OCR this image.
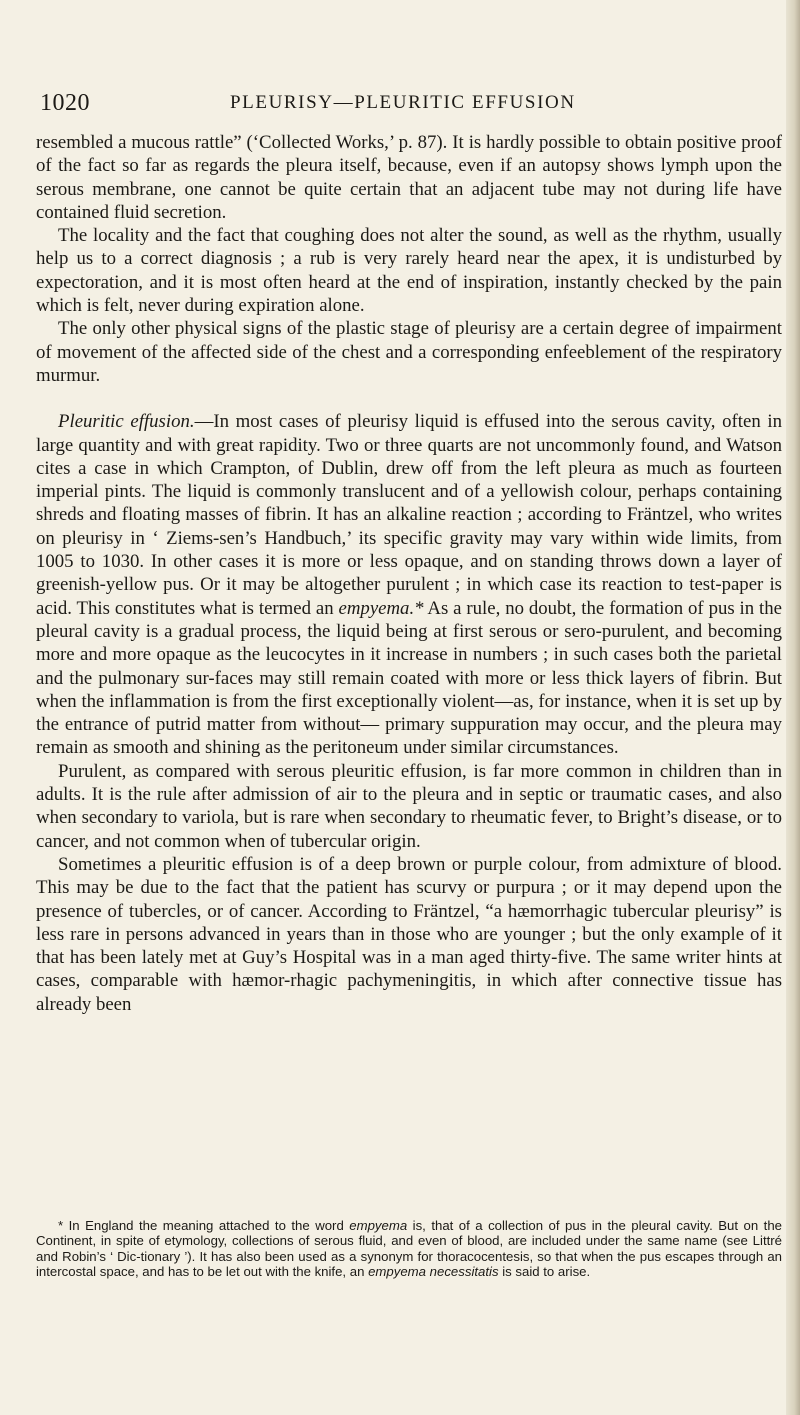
1020	PLEURISY—PLEURITIC EFFUSION

resembled a mucous rattle” (‘Collected Works,’ p. 87). It is hardly possible to obtain positive proof of the fact so far as regards the pleura itself, because, even if an autopsy shows lymph upon the serous membrane, one cannot be quite certain that an adjacent tube may not during life have contained fluid secretion.

The locality and the fact that coughing does not alter the sound, as well as the rhythm, usually help us to a correct diagnosis ; a rub is very rarely heard near the apex, it is undisturbed by expectoration, and it is most often heard at the end of inspiration, instantly checked by the pain which is felt, never during expiration alone.

The only other physical signs of the plastic stage of pleurisy are a certain degree of impairment of movement of the affected side of the chest and a corresponding enfeeblement of the respiratory murmur.

Pleuritic effusion.—In most cases of pleurisy liquid is effused into the serous cavity, often in large quantity and with great rapidity. Two or three quarts are not uncommonly found, and Watson cites a case in which Crampton, of Dublin, drew off from the left pleura as much as fourteen imperial pints. The liquid is commonly translucent and of a yellowish colour, perhaps containing shreds and floating masses of fibrin. It has an alkaline reaction ; according to Fräntzel, who writes on pleurisy in ‘ Ziems-sen’s Handbuch,’ its specific gravity may vary within wide limits, from 1005 to 1030. In other cases it is more or less opaque, and on standing throws down a layer of greenish-yellow pus. Or it may be altogether purulent ; in which case its reaction to test-paper is acid. This constitutes what is termed an empyema.* As a rule, no doubt, the formation of pus in the pleural cavity is a gradual process, the liquid being at first serous or sero-purulent, and becoming more and more opaque as the leucocytes in it increase in numbers ; in such cases both the parietal and the pulmonary sur-faces may still remain coated with more or less thick layers of fibrin. But when the inflammation is from the first exceptionally violent—as, for instance, when it is set up by the entrance of putrid matter from without— primary suppuration may occur, and the pleura may remain as smooth and shining as the peritoneum under similar circumstances.

Purulent, as compared with serous pleuritic effusion, is far more common in children than in adults. It is the rule after admission of air to the pleura and in septic or traumatic cases, and also when secondary to variola, but is rare when secondary to rheumatic fever, to Bright’s disease, or to cancer, and not common when of tubercular origin.

Sometimes a pleuritic effusion is of a deep brown or purple colour, from admixture of blood. This may be due to the fact that the patient has scurvy or purpura ; or it may depend upon the presence of tubercles, or of cancer. According to Fräntzel, “a hæmorrhagic tubercular pleurisy” is less rare in persons advanced in years than in those who are younger ; but the only example of it that has been lately met at Guy’s Hospital was in a man aged thirty-five. The same writer hints at cases, comparable with hæmor-rhagic pachymeningitis, in which after connective tissue has already been

* In England the meaning attached to the word empyema is, that of a collection of pus in the pleural cavity. But on the Continent, in spite of etymology, collections of serous fluid, and even of blood, are included under the same name (see Littré and Robin’s ‘ Dic-tionary ’). It has also been used as a synonym for thoracocentesis, so that when the pus escapes through an intercostal space, and has to be let out with the knife, an empyema necessitatis is said to arise.
